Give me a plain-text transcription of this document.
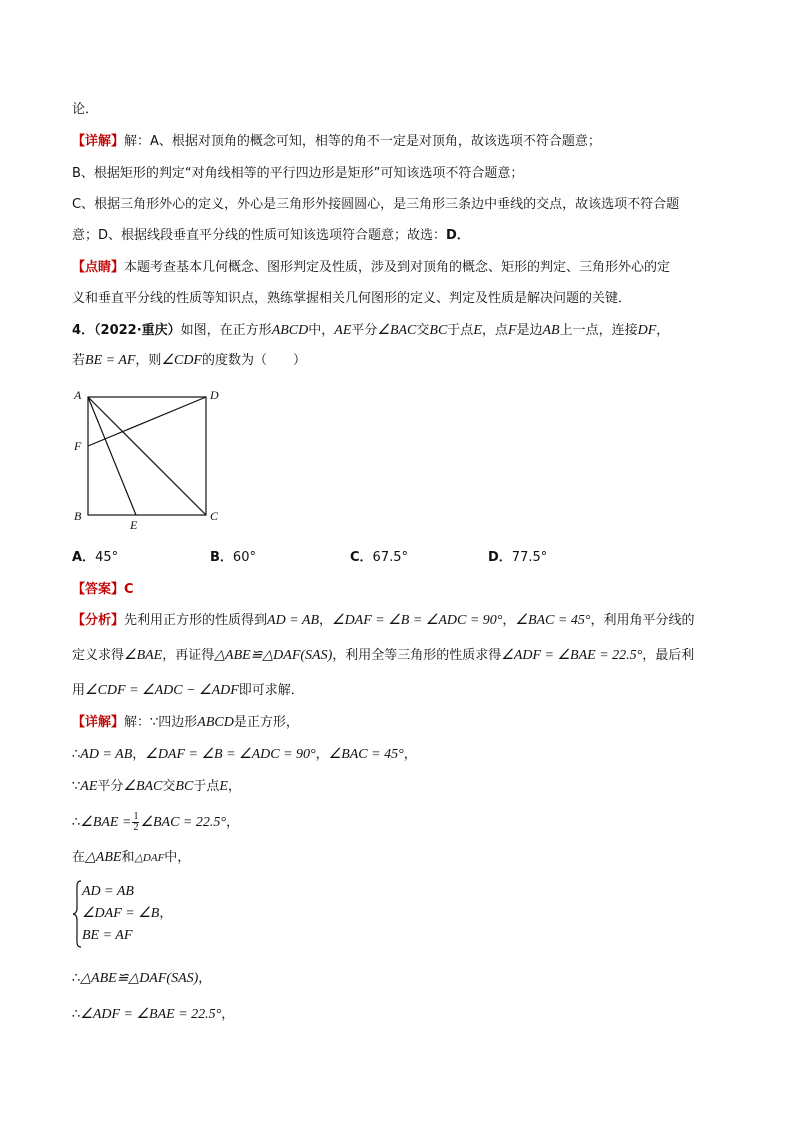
论．
【详解】解：A、根据对顶角的概念可知，相等的角不一定是对顶角，故该选项不符合题意；
B、根据矩形的判定“对角线相等的平行四边形是矩形”可知该选项不符合题意；
C、根据三角形外心的定义，外心是三角形外接圆圆心，是三角形三条边中垂线的交点，故该选项不符合题
意；D、根据线段垂直平分线的性质可知该选项符合题意；故选：D．
【点睛】本题考查基本几何概念、图形判定及性质，涉及到对顶角的概念、矩形的判定、三角形外心的定
义和垂直平分线的性质等知识点，熟练掌握相关几何图形的定义、判定及性质是解决问题的关键．
4．（2022·重庆）如图，在正方形ABCD中，AE平分∠BAC交BC于点E，点F是边AB上一点，连接DF，
若BE = AF，则∠CDF的度数为（　　）
A	D
F
B
E
C
A．45°	B．60°	C．67.5°	D．77.5°
【答案】C
【分析】先利用正方形的性质得到AD = AB，∠DAF = ∠B = ∠ADC = 90°，∠BAC = 45°，利用角平分线的
定义求得∠BAE，再证得△ABE≌△DAF(SAS)，利用全等三角形的性质求得∠ADF = ∠BAE = 22.5°，最后利
用∠CDF = ∠ADC − ∠ADF即可求解．
【详解】解：∵四边形ABCD是正方形，
∴AD = AB，∠DAF = ∠B = ∠ADC = 90°，∠BAC = 45°，
∵AE平分∠BAC交BC于点E，
∴∠BAE = $\frac{1}{2}$ ∠BAC = 22.5°，
在△ABE和△DAF中，
AD = AB
∠DAF = ∠B，
BE = AF
∴△ABE≌△DAF(SAS)，
∴∠ADF = ∠BAE = 22.5°，
